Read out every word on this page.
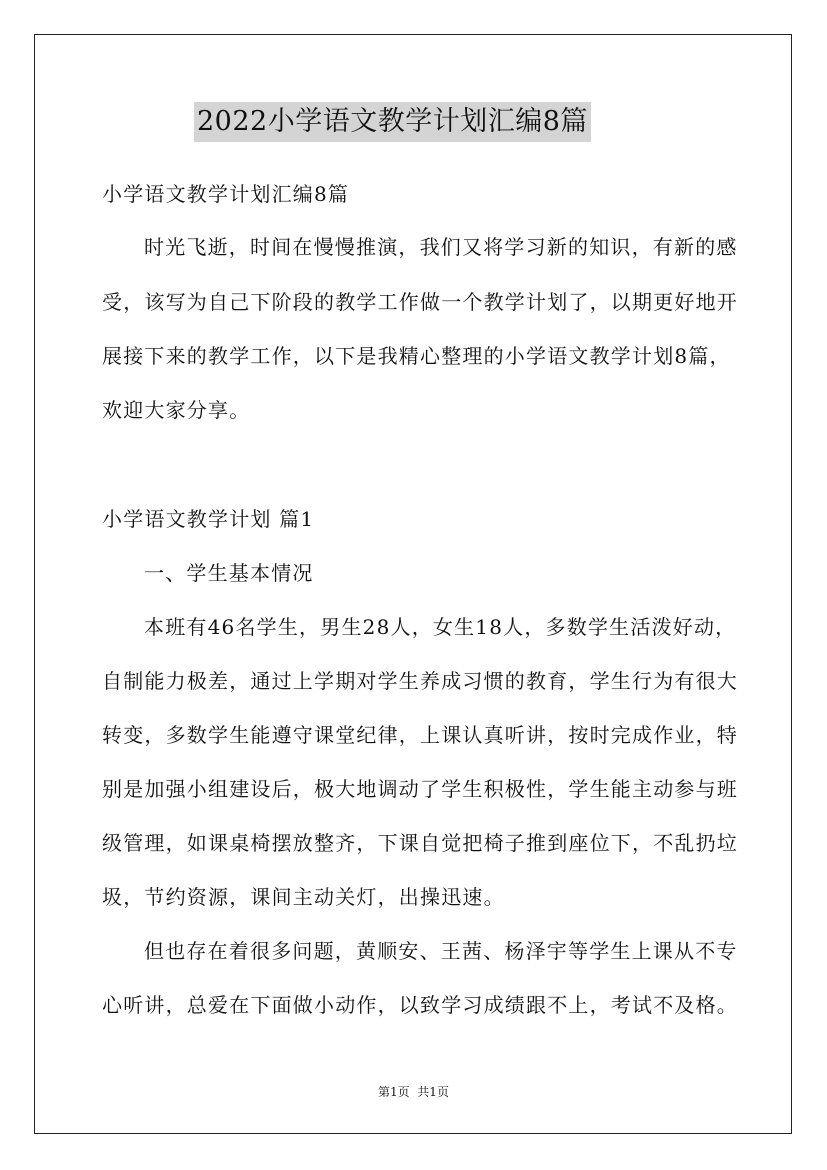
2022小学语文教学计划汇编8篇
小学语文教学计划汇编8篇
时光飞逝，时间在慢慢推演，我们又将学习新的知识，有新的感
受，该写为自己下阶段的教学工作做一个教学计划了，以期更好地开
展接下来的教学工作，以下是我精心整理的小学语文教学计划8篇，
欢迎大家分享。
小学语文教学计划 篇1
一、学生基本情况
本班有46名学生，男生28人，女生18人，多数学生活泼好动，
自制能力极差，通过上学期对学生养成习惯的教育，学生行为有很大
转变，多数学生能遵守课堂纪律，上课认真听讲，按时完成作业，特
别是加强小组建设后，极大地调动了学生积极性，学生能主动参与班
级管理，如课桌椅摆放整齐，下课自觉把椅子推到座位下，不乱扔垃
圾，节约资源，课间主动关灯，出操迅速。
但也存在着很多问题，黄顺安、王茜、杨泽宇等学生上课从不专
心听讲，总爱在下面做小动作，以致学习成绩跟不上，考试不及格。
第1页  共1页
